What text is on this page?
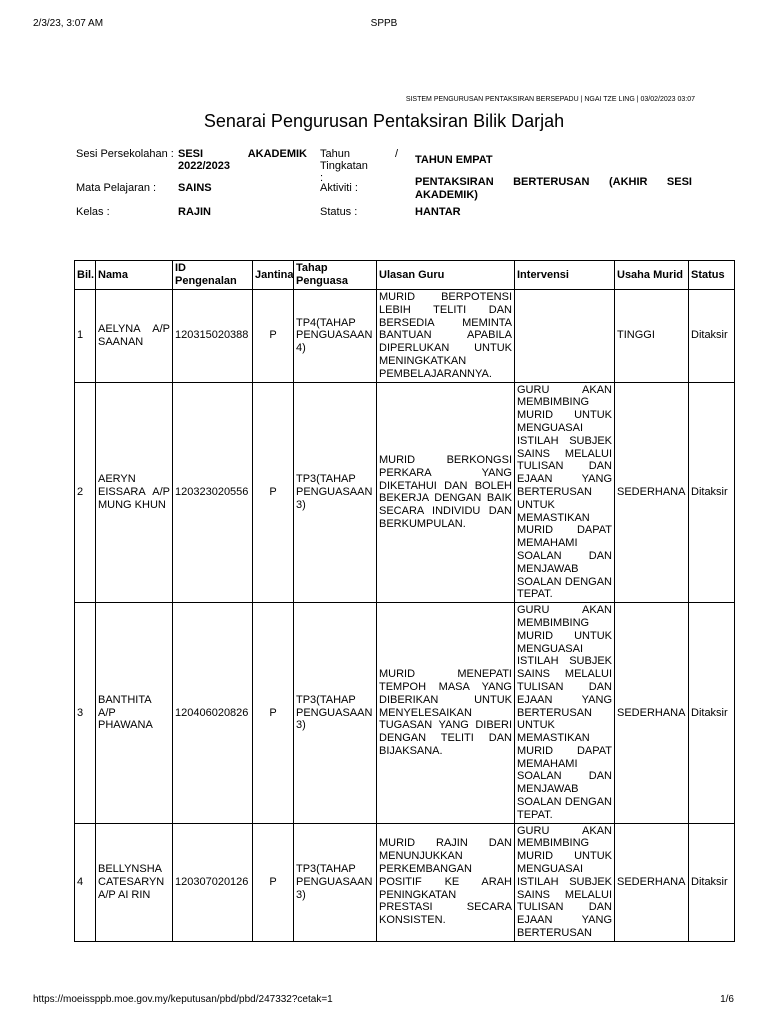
2/3/23, 3:07 AM	SPPB
SISTEM PENGURUSAN PENTAKSIRAN BERSEPADU | NGAI TZE LING | 03/02/2023 03:07
Senarai Pengurusan Pentaksiran Bilik Darjah
Sesi Persekolahan : SESI AKADEMIK 2022/2023
Tahun / Tingkatan :
TAHUN EMPAT
Mata Pelajaran : SAINS	Aktiviti :	PENTAKSIRAN BERTERUSAN (AKHIR SESI AKADEMIK)
Kelas :	RAJIN	Status :	HANTAR
Bil.	Nama	ID Pengenalan	Jantina	Tahap Penguasa	Ulasan Guru	Intervensi	Usaha Murid	Status
1	AELYNA A/P SAANAN	120315020388	P	TP4(TAHAP PENGUASAAN 4)	MURID BERPOTENSI LEBIH TELITI DAN BERSEDIA MEMINTA BANTUAN APABILA DIPERLUKAN UNTUK MENINGKATKAN PEMBELAJARANNYA.		TINGGI	Ditaksir
2	AERYN EISSARA A/P MUNG KHUN	120323020556	P	TP3(TAHAP PENGUASAAN 3)	MURID BERKONGSI PERKARA YANG DIKETAHUI DAN BOLEH BEKERJA DENGAN BAIK SECARA INDIVIDU DAN BERKUMPULAN.	GURU AKAN MEMBIMBING MURID UNTUK MENGUASAI ISTILAH SUBJEK SAINS MELALUI TULISAN DAN EJAAN YANG BERTERUSAN UNTUK MEMASTIKAN MURID DAPAT MEMAHAMI SOALAN DAN MENJAWAB SOALAN DENGAN TEPAT.	SEDERHANA	Ditaksir
3	BANTHITA A/P PHAWANA	120406020826	P	TP3(TAHAP PENGUASAAN 3)	MURID MENEPATI TEMPOH MASA YANG DIBERIKAN UNTUK MENYELESAIKAN TUGASAN YANG DIBERI DENGAN TELITI DAN BIJAKSANA.	GURU AKAN MEMBIMBING MURID UNTUK MENGUASAI ISTILAH SUBJEK SAINS MELALUI TULISAN DAN EJAAN YANG BERTERUSAN UNTUK MEMASTIKAN MURID DAPAT MEMAHAMI SOALAN DAN MENJAWAB SOALAN DENGAN TEPAT.	SEDERHANA	Ditaksir
4	BELLYNSHA CATESARYN A/P AI RIN	120307020126	P	TP3(TAHAP PENGUASAAN 3)	MURID RAJIN DAN MENUNJUKKAN PERKEMBANGAN POSITIF KE ARAH PENINGKATAN PRESTASI SECARA KONSISTEN.	GURU AKAN MEMBIMBING MURID UNTUK MENGUASAI ISTILAH SUBJEK SAINS MELALUI TULISAN DAN EJAAN YANG BERTERUSAN	SEDERHANA	Ditaksir
https://moeissppb.moe.gov.my/keputusan/pbd/pbd/247332?cetak=1	1/6
